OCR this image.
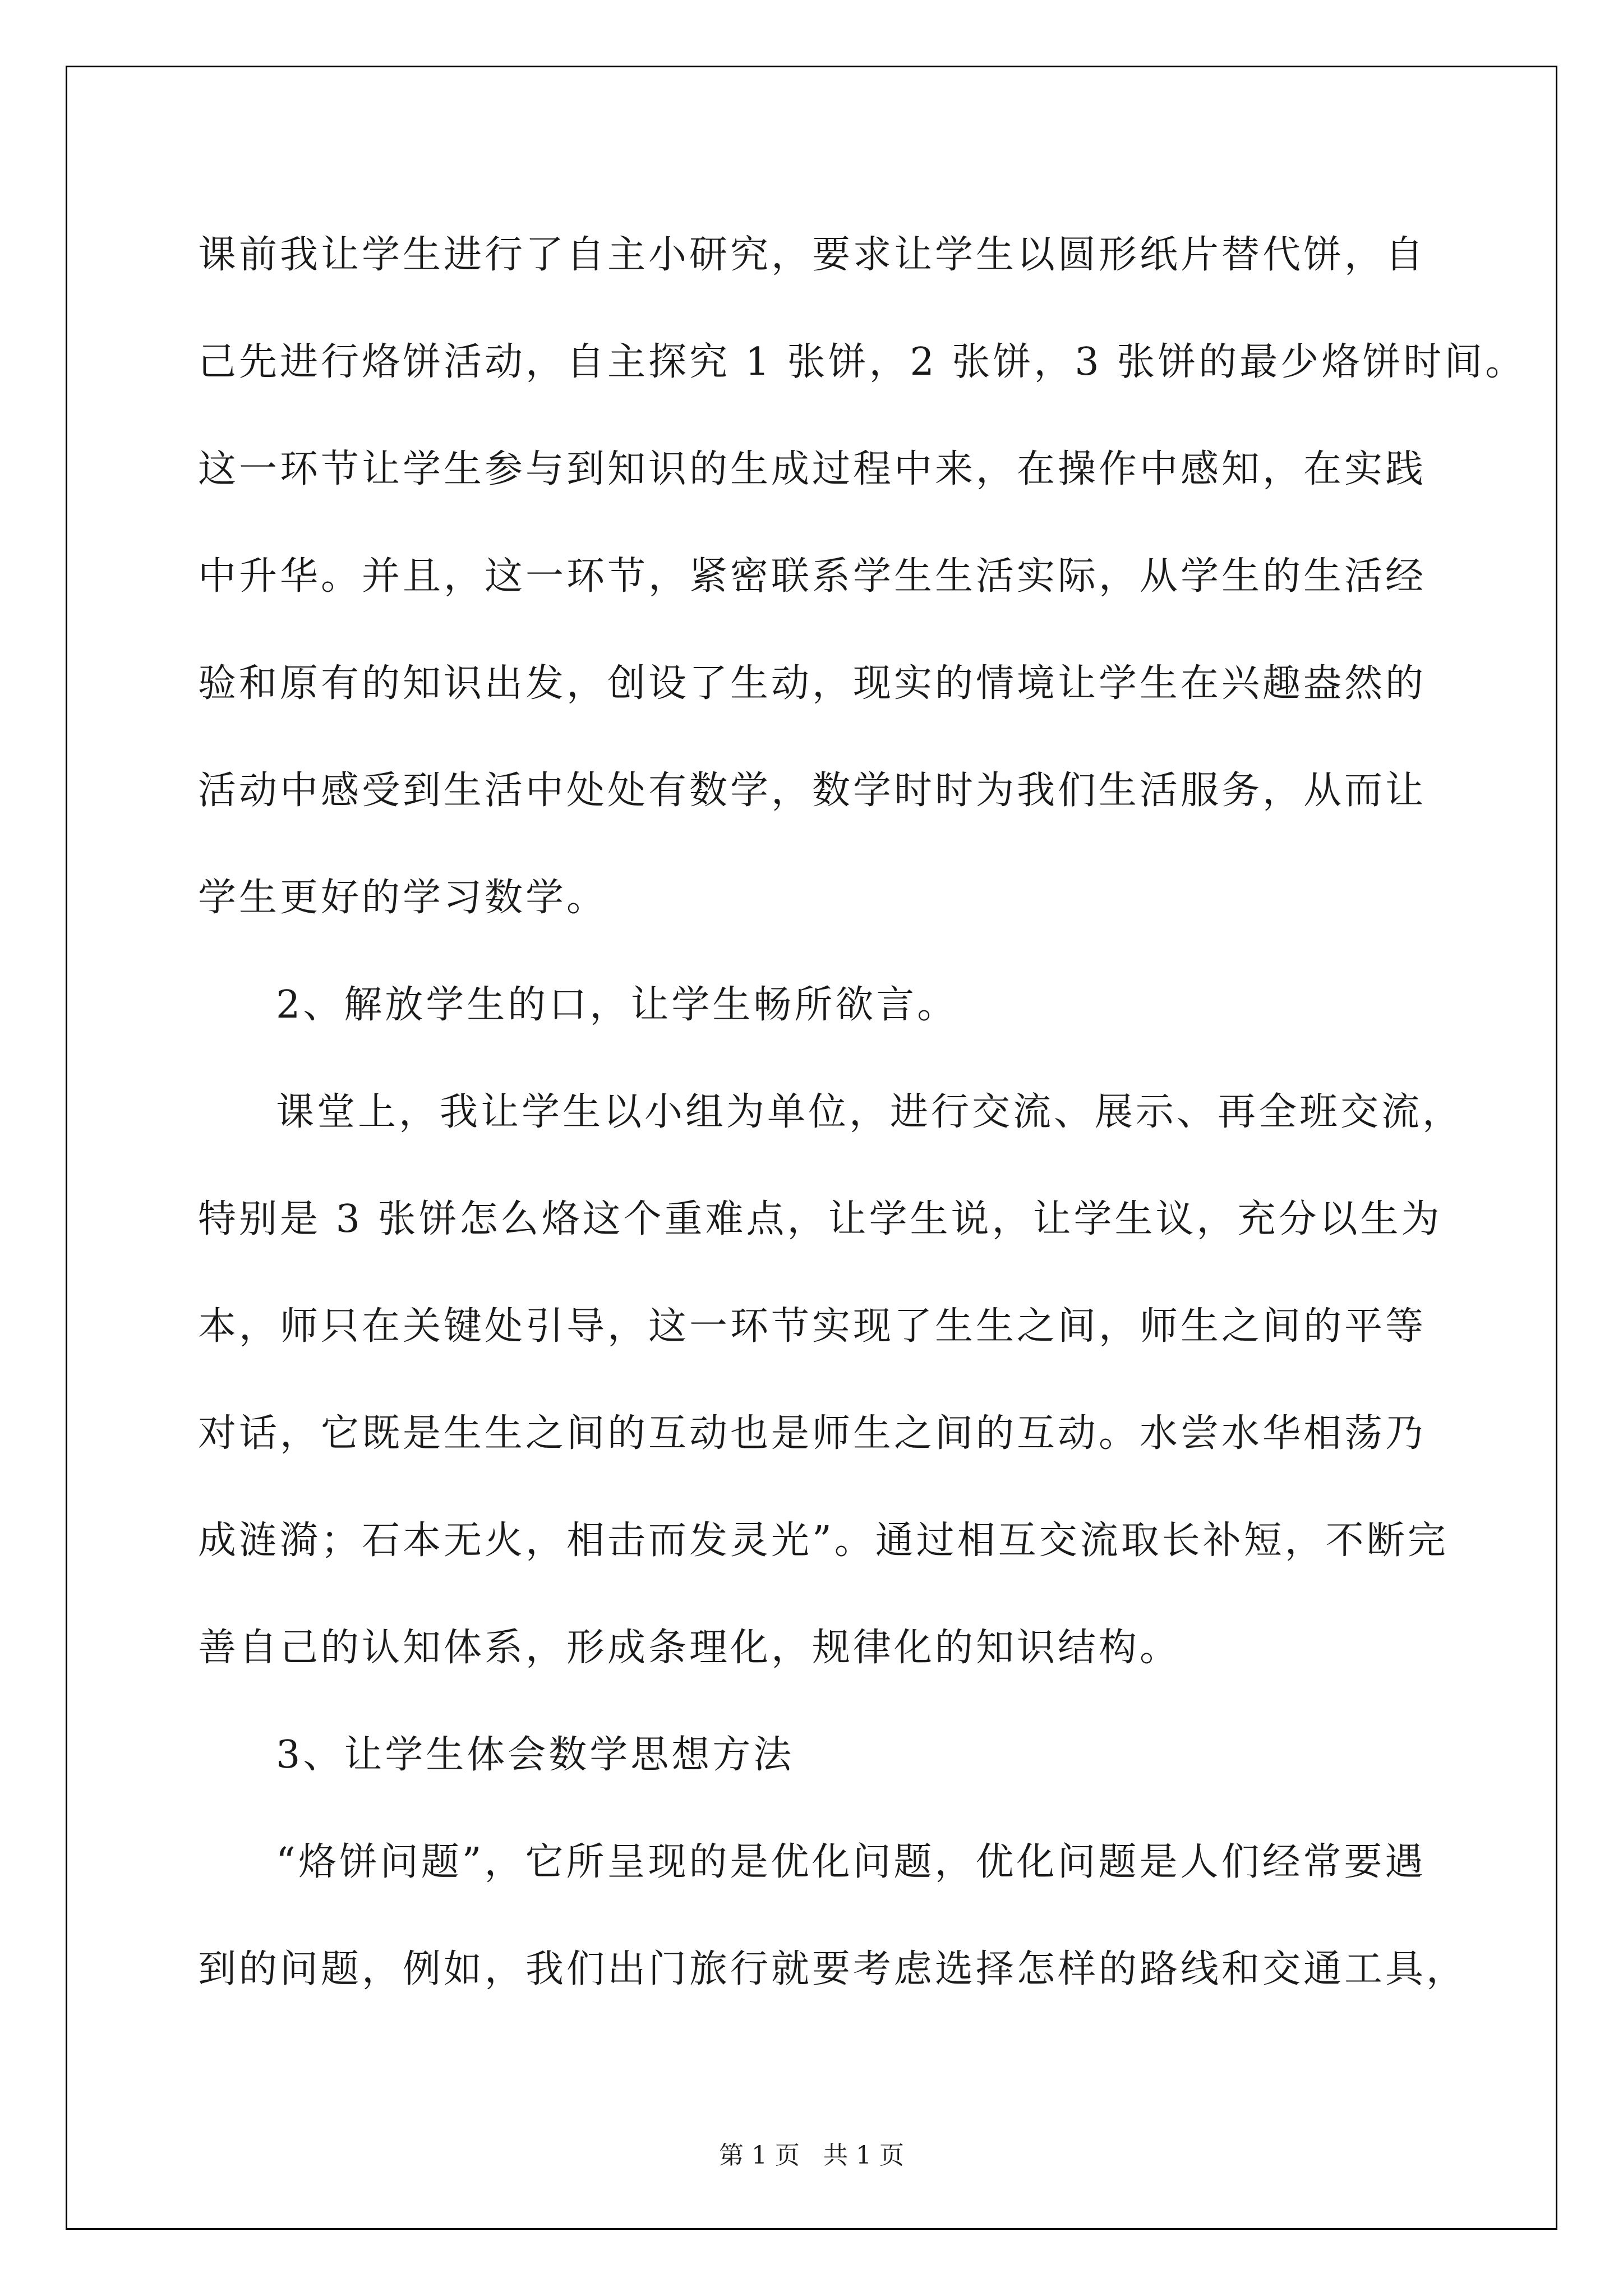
课前我让学生进行了自主小研究，要求让学生以圆形纸片替代饼，自
己先进行烙饼活动，自主探究 1 张饼，2 张饼，3 张饼的最少烙饼时间。
这一环节让学生参与到知识的生成过程中来，在操作中感知，在实践
中升华。并且，这一环节，紧密联系学生生活实际，从学生的生活经
验和原有的知识出发，创设了生动，现实的情境让学生在兴趣盎然的
活动中感受到生活中处处有数学，数学时时为我们生活服务，从而让
学生更好的学习数学。
2、解放学生的口，让学生畅所欲言。
课堂上，我让学生以小组为单位，进行交流、展示、再全班交流，
特别是 3 张饼怎么烙这个重难点，让学生说，让学生议，充分以生为
本，师只在关键处引导，这一环节实现了生生之间，师生之间的平等
对话，它既是生生之间的互动也是师生之间的互动。水尝水华相荡乃
成涟漪；石本无火，相击而发灵光”。通过相互交流取长补短，不断完
善自己的认知体系，形成条理化，规律化的知识结构。
3、让学生体会数学思想方法
“烙饼问题”，它所呈现的是优化问题，优化问题是人们经常要遇
到的问题，例如，我们出门旅行就要考虑选择怎样的路线和交通工具，
第 1 页   共 1 页
